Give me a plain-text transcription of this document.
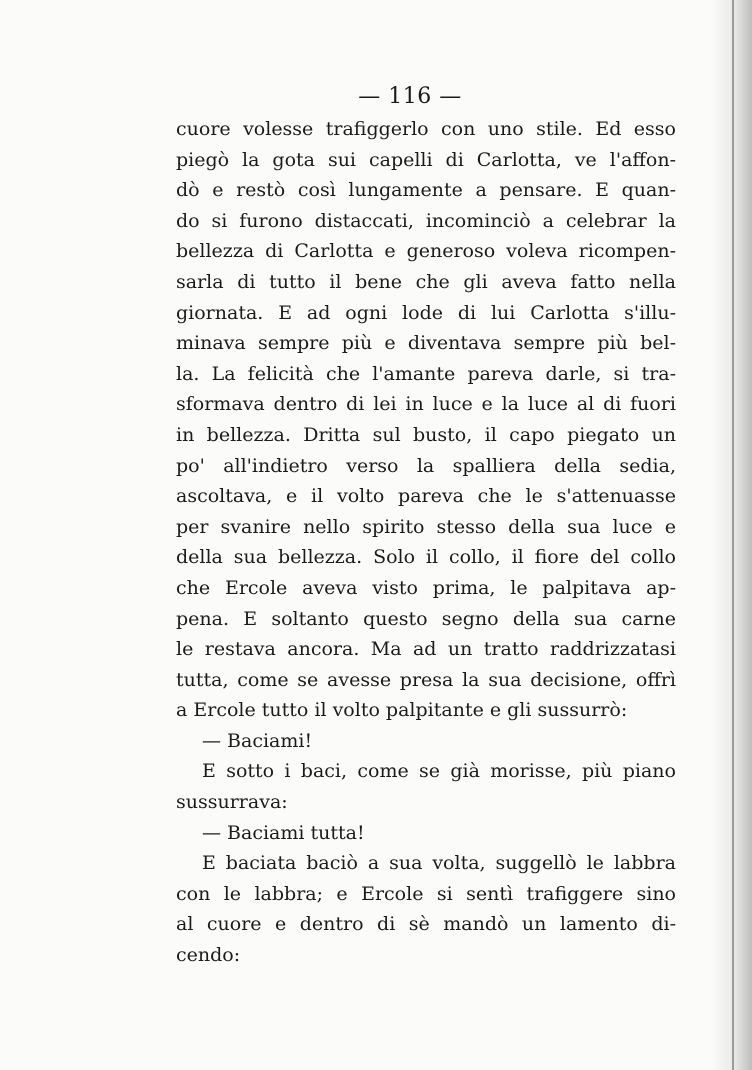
— 116 —
cuore volesse trafiggerlo con uno stile. Ed esso
piegò la gota sui capelli di Carlotta, ve l'affon-
dò e restò così lungamente a pensare. E quan-
do si furono distaccati, incominciò a celebrar la
bellezza di Carlotta e generoso voleva ricompen-
sarla di tutto il bene che gli aveva fatto nella
giornata. E ad ogni lode di lui Carlotta s'illu-
minava sempre più e diventava sempre più bel-
la. La felicità che l'amante pareva darle, si tra-
sformava dentro di lei in luce e la luce al di fuori
in bellezza. Dritta sul busto, il capo piegato un
po' all'indietro verso la spalliera della sedia,
ascoltava, e il volto pareva che le s'attenuasse
per svanire nello spirito stesso della sua luce e
della sua bellezza. Solo il collo, il fiore del collo
che Ercole aveva visto prima, le palpitava ap-
pena. E soltanto questo segno della sua carne
le restava ancora. Ma ad un tratto raddrizzatasi
tutta, come se avesse presa la sua decisione, offrì
a Ercole tutto il volto palpitante e gli sussurrò:
— Baciami!
E sotto i baci, come se già morisse, più piano
sussurrava:
— Baciami tutta!
E baciata baciò a sua volta, suggellò le labbra
con le labbra; e Ercole si sentì trafiggere sino
al cuore e dentro di sè mandò un lamento di-
cendo:
